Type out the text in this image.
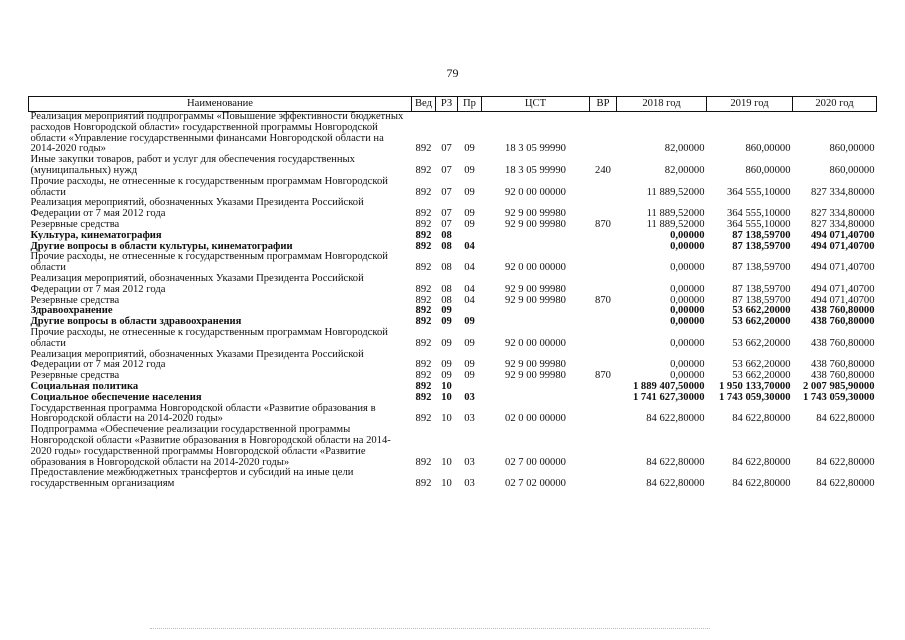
79
Наименование	Вед	РЗ	Пр	ЦСТ	ВР	2018 год	2019 год	2020 год
Реализация мероприятий подпрограммы «Повышение эффективности бюджетных расходов Новгородской области» государственной программы Новгородской области «Управление государственными финансами Новгородской области на 2014-2020 годы»	892	07	09	18 3 05 99990		82,00000	860,00000	860,00000
Иные закупки товаров, работ и услуг для обеспечения государственных (муниципальных) нужд	892	07	09	18 3 05 99990	240	82,00000	860,00000	860,00000
Прочие расходы, не отнесенные к государственным программам Новгородской области	892	07	09	92 0 00 00000		11 889,52000	364 555,10000	827 334,80000
Реализация мероприятий, обозначенных Указами Президента Российской Федерации от 7 мая 2012 года	892	07	09	92 9 00 99980		11 889,52000	364 555,10000	827 334,80000
Резервные средства	892	07	09	92 9 00 99980	870	11 889,52000	364 555,10000	827 334,80000
Культура, кинематография	892	08				0,00000	87 138,59700	494 071,40700
Другие вопросы в области культуры, кинематографии	892	08	04			0,00000	87 138,59700	494 071,40700
Прочие расходы, не отнесенные к государственным программам Новгородской области	892	08	04	92 0 00 00000		0,00000	87 138,59700	494 071,40700
Реализация мероприятий, обозначенных Указами Президента Российской Федерации от 7 мая 2012 года	892	08	04	92 9 00 99980		0,00000	87 138,59700	494 071,40700
Резервные средства	892	08	04	92 9 00 99980	870	0,00000	87 138,59700	494 071,40700
Здравоохранение	892	09				0,00000	53 662,20000	438 760,80000
Другие вопросы в области здравоохранения	892	09	09			0,00000	53 662,20000	438 760,80000
Прочие расходы, не отнесенные к государственным программам Новгородской области	892	09	09	92 0 00 00000		0,00000	53 662,20000	438 760,80000
Реализация мероприятий, обозначенных Указами Президента Российской Федерации от 7 мая 2012 года	892	09	09	92 9 00 99980		0,00000	53 662,20000	438 760,80000
Резервные средства	892	09	09	92 9 00 99980	870	0,00000	53 662,20000	438 760,80000
Социальная политика	892	10				1 889 407,50000	1 950 133,70000	2 007 985,90000
Социальное обеспечение населения	892	10	03			1 741 627,30000	1 743 059,30000	1 743 059,30000
Государственная программа Новгородской области «Развитие образования в Новгородской области на 2014-2020 годы»	892	10	03	02 0 00 00000		84 622,80000	84 622,80000	84 622,80000
Подпрограмма «Обеспечение реализации государственной программы Новгородской области «Развитие образования в Новгородской области на 2014-2020 годы» государственной программы Новгородской области «Развитие образования в Новгородской области на 2014-2020 годы»	892	10	03	02 7 00 00000		84 622,80000	84 622,80000	84 622,80000
Предоставление межбюджетных трансфертов и субсидий на иные цели государственным организациям	892	10	03	02 7 02 00000		84 622,80000	84 622,80000	84 622,80000
